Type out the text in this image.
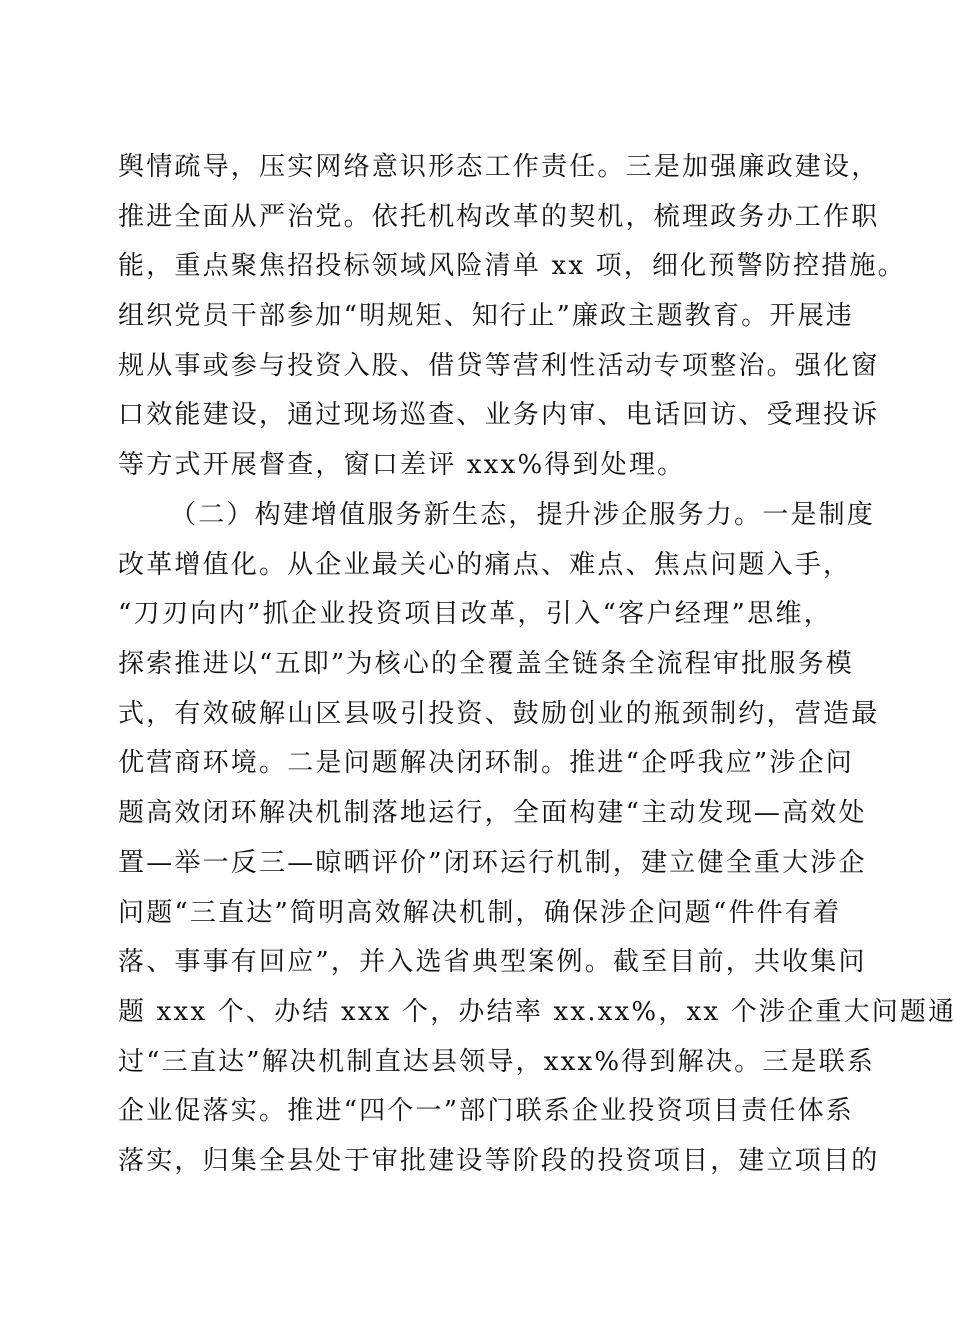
舆情疏导，压实网络意识形态工作责任。三是加强廉政建设，
推进全面从严治党。依托机构改革的契机，梳理政务办工作职
能，重点聚焦招投标领域风险清单 xx 项，细化预警防控措施。
组织党员干部参加“明规矩、知行止”廉政主题教育。开展违
规从事或参与投资入股、借贷等营利性活动专项整治。强化窗
口效能建设，通过现场巡查、业务内审、电话回访、受理投诉
等方式开展督查，窗口差评 xxx%得到处理。
（二）构建增值服务新生态，提升涉企服务力。一是制度
改革增值化。从企业最关心的痛点、难点、焦点问题入手，
“刀刃向内”抓企业投资项目改革，引入“客户经理”思维，
探索推进以“五即”为核心的全覆盖全链条全流程审批服务模
式，有效破解山区县吸引投资、鼓励创业的瓶颈制约，营造最
优营商环境。二是问题解决闭环制。推进“企呼我应”涉企问
题高效闭环解决机制落地运行，全面构建“主动发现—高效处
置—举一反三—晾晒评价”闭环运行机制，建立健全重大涉企
问题“三直达”简明高效解决机制，确保涉企问题“件件有着
落、事事有回应”，并入选省典型案例。截至目前，共收集问
题 xxx 个、办结 xxx 个，办结率 xx.xx%，xx 个涉企重大问题通
过“三直达”解决机制直达县领导，xxx%得到解决。三是联系
企业促落实。推进“四个一”部门联系企业投资项目责任体系
落实，归集全县处于审批建设等阶段的投资项目，建立项目的
